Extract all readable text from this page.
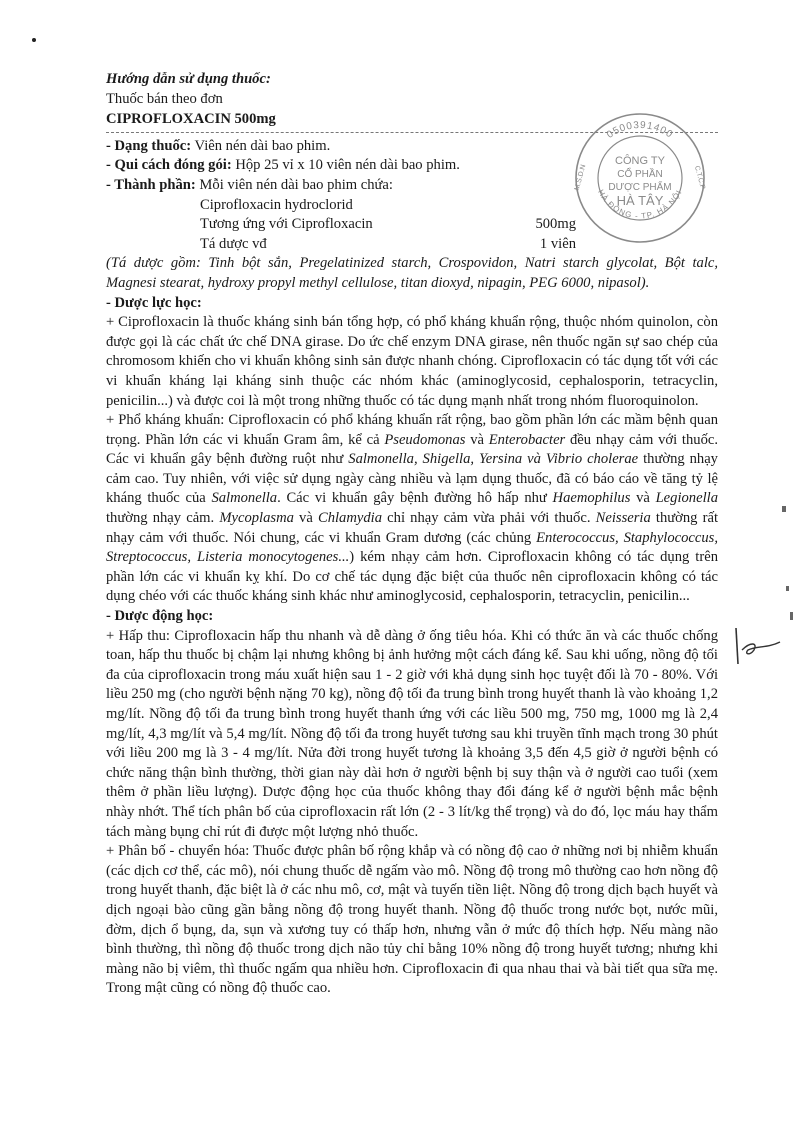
Hướng dẫn sử dụng thuốc:
Thuốc bán theo đơn
CIPROFLOXACIN 500mg
- Dạng thuốc: Viên nén dài bao phim.
- Qui cách đóng gói: Hộp 25 vỉ x 10 viên nén dài bao phim.
- Thành phần: Mỗi viên nén dài bao phim chứa:
Ciprofloxacin hydroclorid
Tương ứng với Ciprofloxacin	500mg
Tá dược vđ	1 viên
(Tá dược gồm: Tinh bột sắn, Pregelatinized starch, Crospovidon, Natri starch glycolat, Bột talc, Magnesi stearat, hydroxy propyl methyl cellulose, titan dioxyd, nipagin, PEG 6000, nipasol).
- Dược lực học:
+ Ciprofloxacin là thuốc kháng sinh bán tổng hợp, có phổ kháng khuẩn rộng, thuộc nhóm quinolon, còn được gọi là các chất ức chế DNA girase. Do ức chế enzym DNA girase, nên thuốc ngăn sự sao chép của chromosom khiến cho vi khuẩn không sinh sản được nhanh chóng. Ciprofloxacin có tác dụng tốt với các vi khuẩn kháng lại kháng sinh thuộc các nhóm khác (aminoglycosid, cephalosporin, tetracyclin, penicilin...) và được coi là một trong những thuốc có tác dụng mạnh nhất trong nhóm fluoroquinolon.
+ Phổ kháng khuẩn: Ciprofloxacin có phổ kháng khuẩn rất rộng, bao gồm phần lớn các mầm bệnh quan trọng. Phần lớn các vi khuẩn Gram âm, kể cả Pseudomonas và Enterobacter đều nhạy cảm với thuốc. Các vi khuẩn gây bệnh đường ruột như Salmonella, Shigella, Yersina và Vibrio cholerae thường nhạy cảm cao. Tuy nhiên, với việc sử dụng ngày càng nhiều và lạm dụng thuốc, đã có báo cáo về tăng tỷ lệ kháng thuốc của Salmonella. Các vi khuẩn gây bệnh đường hô hấp như Haemophilus và Legionella thường nhạy cảm. Mycoplasma và Chlamydia chỉ nhạy cảm vừa phải với thuốc. Neisseria thường rất nhạy cảm với thuốc. Nói chung, các vi khuẩn Gram dương (các chủng Enterococcus, Staphylococcus, Streptococcus, Listeria monocytogenes...) kém nhạy cảm hơn. Ciprofloxacin không có tác dụng trên phần lớn các vi khuẩn kỵ khí. Do cơ chế tác dụng đặc biệt của thuốc nên ciprofloxacin không có tác dụng chéo với các thuốc kháng sinh khác như aminoglycosid, cephalosporin, tetracyclin, penicilin...
- Dược động học:
+ Hấp thu: Ciprofloxacin hấp thu nhanh và dễ dàng ở ống tiêu hóa. Khi có thức ăn và các thuốc chống toan, hấp thu thuốc bị chậm lại nhưng không bị ảnh hưởng một cách đáng kể. Sau khi uống, nồng độ tối đa của ciprofloxacin trong máu xuất hiện sau 1 - 2 giờ với khả dụng sinh học tuyệt đối là 70 - 80%. Với liều 250 mg (cho người bệnh nặng 70 kg), nồng độ tối đa trung bình trong huyết thanh là vào khoảng 1,2 mg/lít. Nồng độ tối đa trung bình trong huyết thanh ứng với các liều 500 mg, 750 mg, 1000 mg là 2,4 mg/lít, 4,3 mg/lít và 5,4 mg/lít. Nồng độ tối đa trong huyết tương sau khi truyền tĩnh mạch trong 30 phút với liều 200 mg là 3 - 4 mg/lít. Nửa đời trong huyết tương là khoảng 3,5 đến 4,5 giờ ở người bệnh có chức năng thận bình thường, thời gian này dài hơn ở người bệnh bị suy thận và ở người cao tuổi (xem thêm ở phần liều lượng). Dược động học của thuốc không thay đổi đáng kể ở người bệnh mắc bệnh nhày nhớt. Thể tích phân bố của ciprofloxacin rất lớn (2 - 3 lít/kg thể trọng) và do đó, lọc máu hay thẩm tách màng bụng chỉ rút đi được một lượng nhỏ thuốc.
+ Phân bố - chuyển hóa: Thuốc được phân bố rộng khắp và có nồng độ cao ở những nơi bị nhiễm khuẩn (các dịch cơ thể, các mô), nói chung thuốc dễ ngấm vào mô. Nồng độ trong mô thường cao hơn nồng độ trong huyết thanh, đặc biệt là ở các nhu mô, cơ, mật và tuyến tiền liệt. Nồng độ trong dịch bạch huyết và dịch ngoại bào cũng gần bằng nồng độ trong huyết thanh. Nồng độ thuốc trong nước bọt, nước mũi, đờm, dịch ổ bụng, da, sụn và xương tuy có thấp hơn, nhưng vẫn ở mức độ thích hợp. Nếu màng não bình thường, thì nồng độ thuốc trong dịch não tủy chỉ bằng 10% nồng độ trong huyết tương; nhưng khi màng não bị viêm, thì thuốc ngấm qua nhiều hơn. Ciprofloxacin đi qua nhau thai và bài tiết qua sữa mẹ. Trong mật cũng có nồng độ thuốc cao.
0500391400
HÀ ĐÔNG - TP. HÀ NỘI
CÔNG TY
CỔ PHẦN
DƯỢC PHẨM
HÀ TÂY
M.S.D.N	C.T.C.P
